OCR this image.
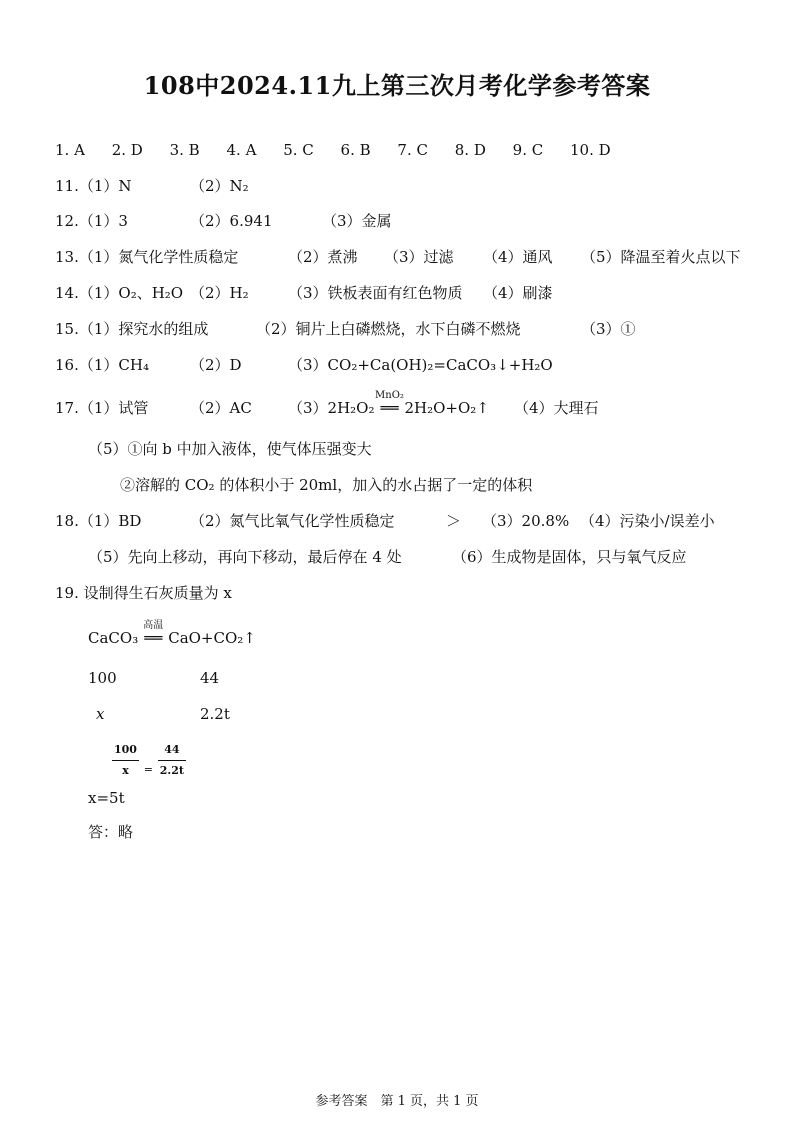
108中2024.11九上第三次月考化学参考答案
1. A 2. D 3. B 4. A 5. C 6. B 7. C 8. D 9. C 10. D
11.（1）N	（2）N₂
12.（1）3	（2）6.941	（3）金属
13.（1）氮气化学性质稳定	（2）煮沸 （3）过滤 （4）通风 （5）降温至着火点以下
14.（1）O₂、H₂O （2）H₂	（3）铁板表面有红色物质 （4）刷漆
15.（1）探究水的组成	（2）铜片上白磷燃烧，水下白磷不燃烧	（3）①
16.（1）CH₄	（2）D	（3）CO₂+Ca(OH)₂=CaCO₃↓+H₂O
17.（1）试管	（2）AC （3）2H₂O₂
MnO₂
══ 2H₂O+O₂↑ （4）大理石
（5）①向 b 中加入液体，使气体压强变大
②溶解的 CO₂ 的体积小于 20ml，加入的水占据了一定的体积
18.（1）BD	（2）氮气比氧气化学性质稳定	＞ （3）20.8% （4）污染小/误差小
（5）先向上移动，再向下移动，最后停在 4 处	（6）生成物是固体，只与氧气反应
19. 设制得生石灰质量为 x
CaCO₃
高温
══ CaO+CO₂↑
100	44
x	2.2t
$\frac{100}{x} = \frac{44}{2.2t}$
x=5t
答：略
参考答案　第 1 页，共 1 页
